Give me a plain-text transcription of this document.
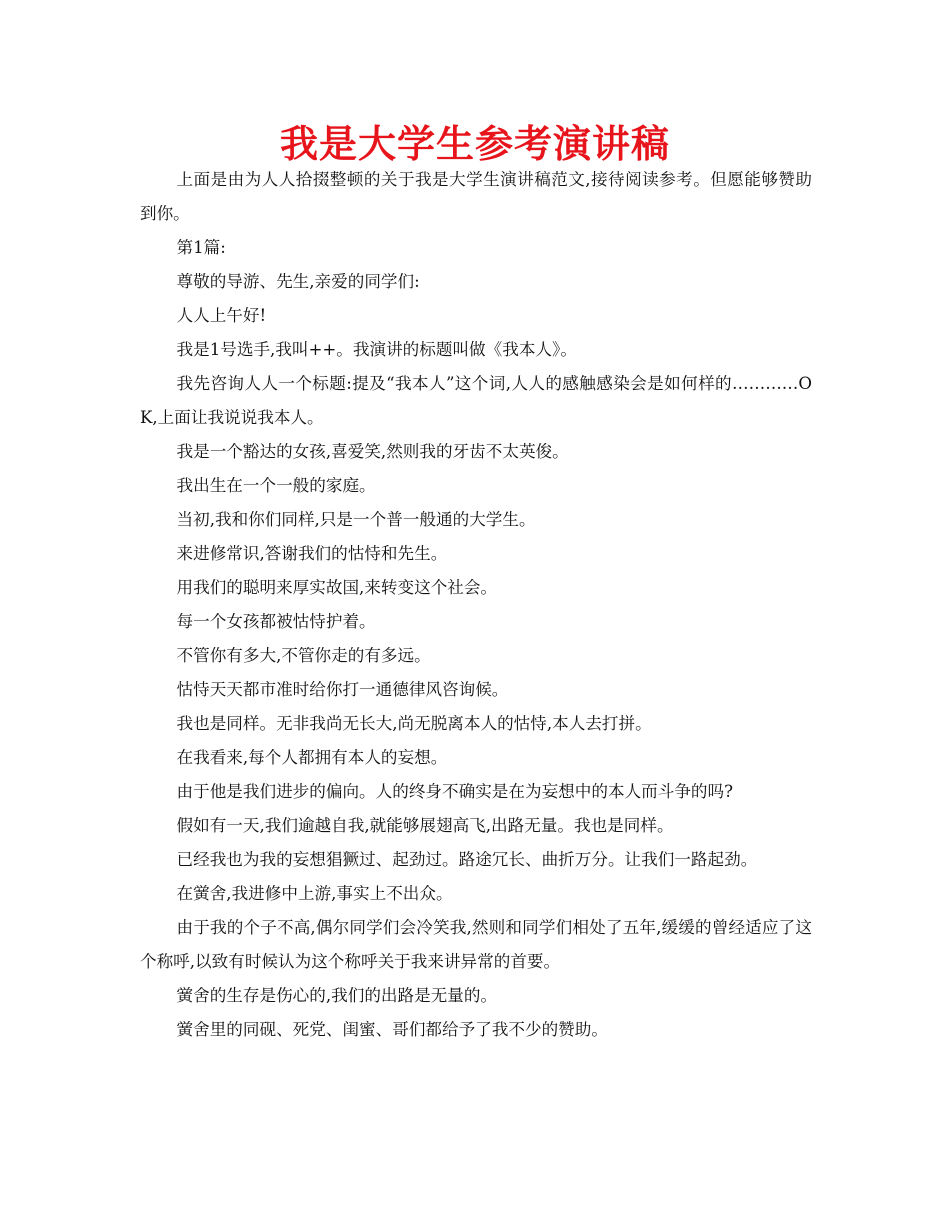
我是大学生参考演讲稿

上面是由为人人拾掇整顿的关于我是大学生演讲稿范文,接待阅读参考。但愿能够赞助到你。

第1篇:

尊敬的导游、先生,亲爱的同学们:

人人上午好!

我是1号选手,我叫++。我演讲的标题叫做《我本人》。

我先咨询人人一个标题:提及“我本人”这个词,人人的感触感染会是如何样的…………OK,上面让我说说我本人。

我是一个豁达的女孩,喜爱笑,然则我的牙齿不太英俊。

我出生在一个一般的家庭。

当初,我和你们同样,只是一个普一般通的大学生。

来进修常识,答谢我们的怙恃和先生。

用我们的聪明来厚实故国,来转变这个社会。

每一个女孩都被怙恃护着。

不管你有多大,不管你走的有多远。

怙恃天天都市准时给你打一通德律风咨询候。

我也是同样。无非我尚无长大,尚无脱离本人的怙恃,本人去打拼。

在我看来,每个人都拥有本人的妄想。

由于他是我们进步的偏向。人的终身不确实是在为妄想中的本人而斗争的吗?

假如有一天,我们逾越自我,就能够展翅高飞,出路无量。我也是同样。

已经我也为我的妄想猖獗过、起劲过。路途冗长、曲折万分。让我们一路起劲。

在黉舍,我进修中上游,事实上不出众。

由于我的个子不高,偶尔同学们会冷笑我,然则和同学们相处了五年,缓缓的曾经适应了这个称呼,以致有时候认为这个称呼关于我来讲异常的首要。

黉舍的生存是伤心的,我们的出路是无量的。

黉舍里的同砚、死党、闺蜜、哥们都给予了我不少的赞助。
